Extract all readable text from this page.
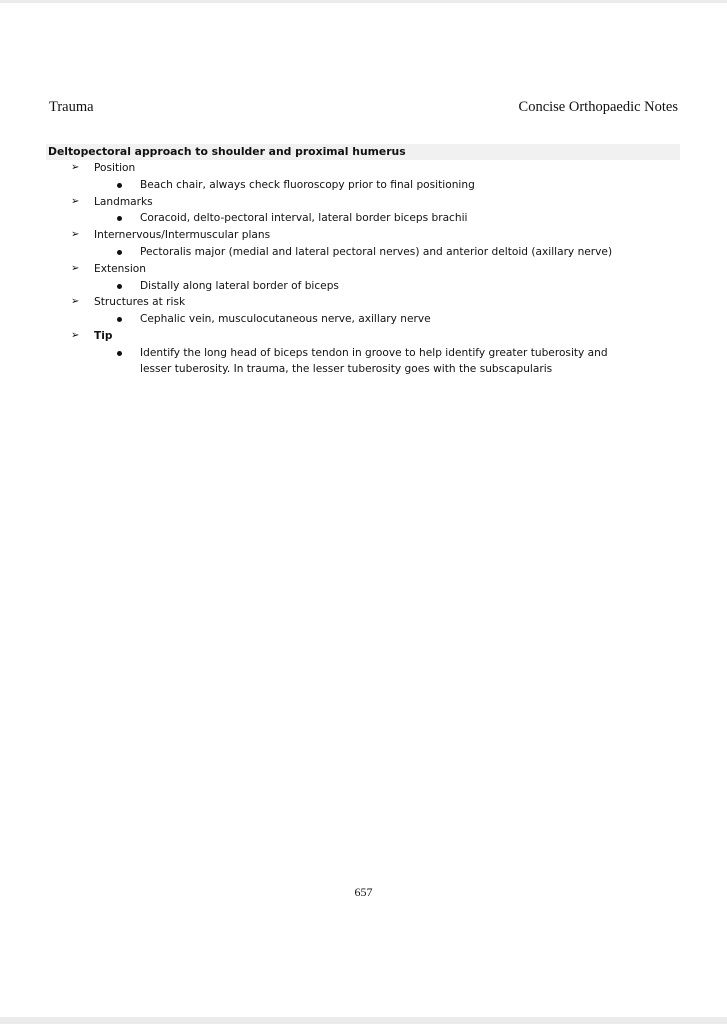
Trauma	Concise Orthopaedic Notes
Deltopectoral approach to shoulder and proximal humerus
➢ Position
Beach chair, always check fluoroscopy prior to final positioning
➢ Landmarks
Coracoid, delto-pectoral interval, lateral border biceps brachii
➢ Internervous/Intermuscular plans
Pectoralis major (medial and lateral pectoral nerves) and anterior deltoid (axillary nerve)
➢ Extension
Distally along lateral border of biceps
➢ Structures at risk
Cephalic vein, musculocutaneous nerve, axillary nerve
➢ Tip
Identify the long head of biceps tendon in groove to help identify greater tuberosity and lesser tuberosity. In trauma, the lesser tuberosity goes with the subscapularis
657
